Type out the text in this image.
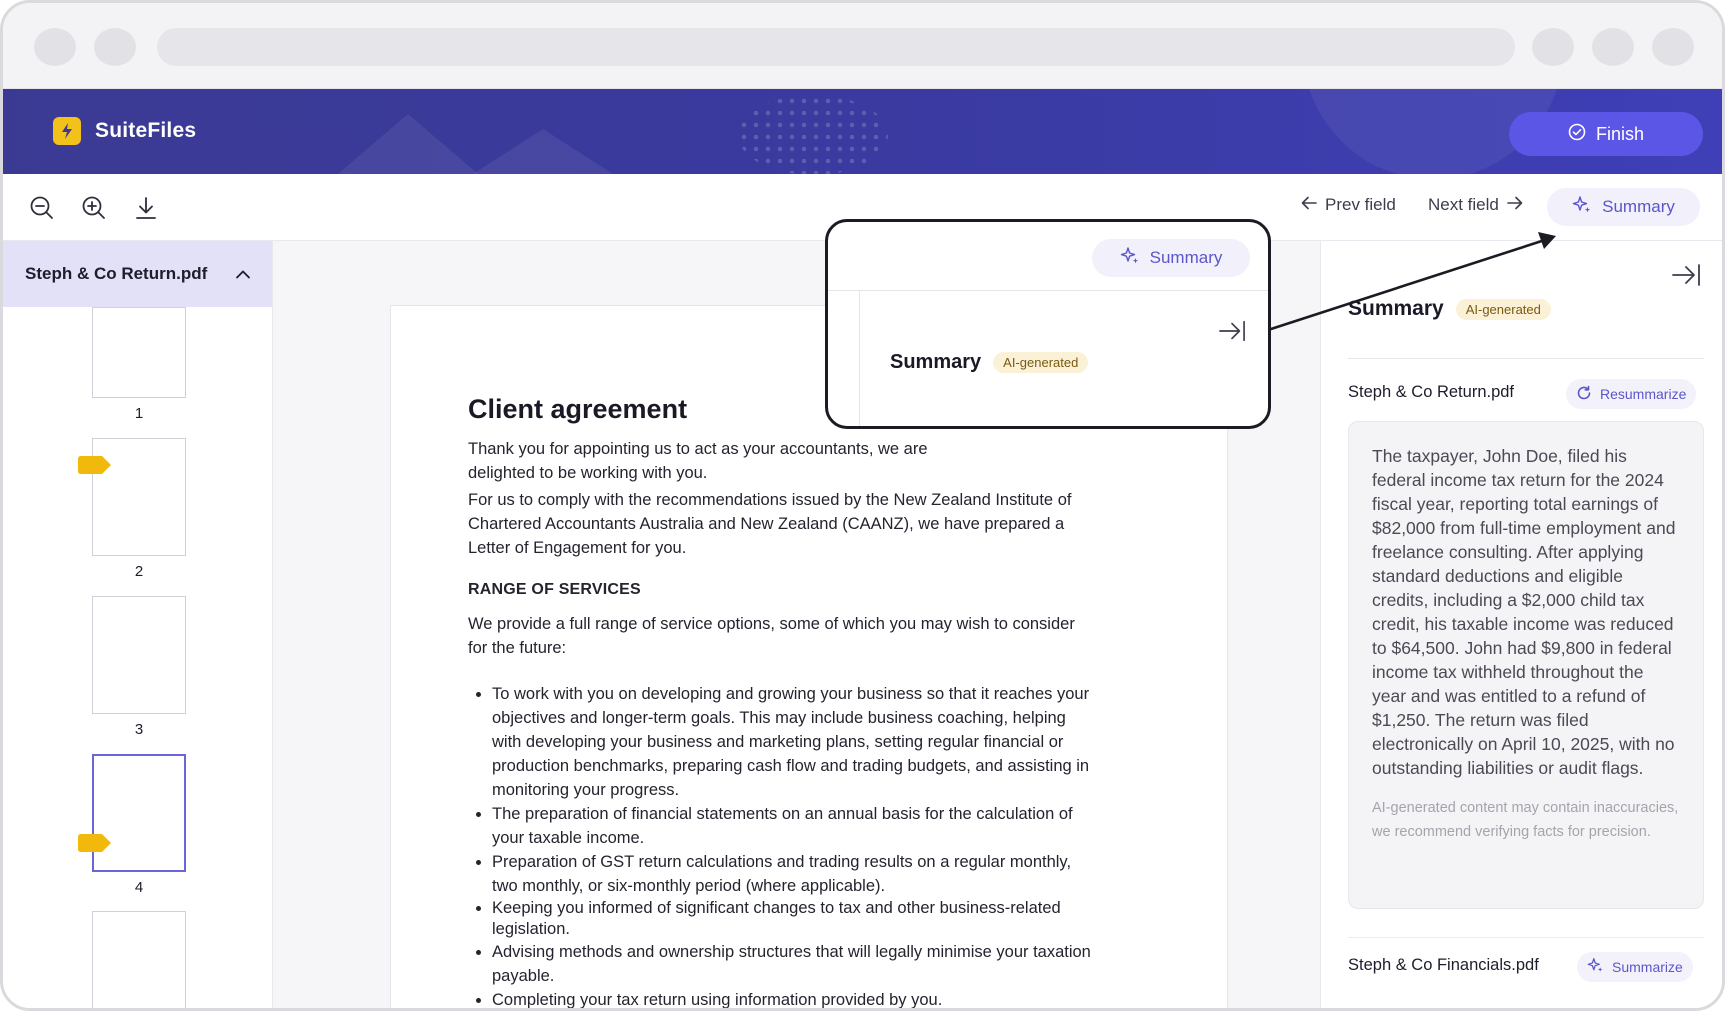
SuiteFiles	Finish
Prev field Next field	Summary
Steph & Co Return.pdf
1
2
3
4
Client agreement

Thank you for appointing us to act as your accountants, we are delighted to be working with you.

For us to comply with the recommendations issued by the New Zealand Institute of Chartered Accountants Australia and New Zealand (CAANZ), we have prepared a Letter of Engagement for you.

RANGE OF SERVICES

We provide a full range of service options, some of which you may wish to consider for the future:

• To work with you on developing and growing your business so that it reaches your objectives and longer-term goals. This may include business coaching, helping with developing your business and marketing plans, setting regular financial or production benchmarks, preparing cash flow and trading budgets, and assisting in monitoring your progress.
• The preparation of financial statements on an annual basis for the calculation of your taxable income.
• Preparation of GST return calculations and trading results on a regular monthly, two monthly, or six-monthly period (where applicable).
• Keeping you informed of significant changes to tax and other business-related legislation.
• Advising methods and ownership structures that will legally minimise your taxation payable.
• Completing your tax return using information provided by you.
Summary	AI-generated
Steph & Co Return.pdf	Resummarize
The taxpayer, John Doe, filed his federal income tax return for the 2024 fiscal year, reporting total earnings of $82,000 from full-time employment and freelance consulting. After applying standard deductions and eligible credits, including a $2,000 child tax credit, his taxable income was reduced to $64,500. John had $9,800 in federal income tax withheld throughout the year and was entitled to a refund of $1,250. The return was filed electronically on April 10, 2025, with no outstanding liabilities or audit flags.
AI-generated content may contain inaccuracies, we recommend verifying facts for precision.
Steph & Co Financials.pdf	Summarize
Summary
Summary	AI-generated
